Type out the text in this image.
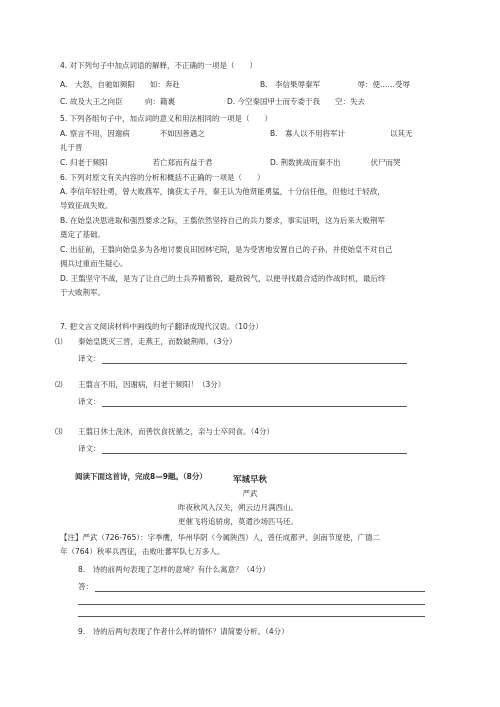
4. 对下列句子中加点词语的解释，不正确的一项是（　　）
A.　大怒，自驰如频阳　　如：奔赴	B.　李信果辱秦军　　　　　辱：使……受辱
C. 故及大王之向臣　　　向：籍裏	D. 今空秦国甲士而专委于我　　空：失去
5. 下列各组句子中，加点词的意义和用法相同的一项是（　　）
A. 察言不用，因谢病　　　　不如因善遇之	B.　寡人以不用将军计　　　　　　以其无
礼于晋
C. 归老于频阳　　　　　　若亡郑而有益于君	D. 荆数挑战而秦不出　　　　伏尸而哭
6. 下列对原文有关内容的分析和概括不正确的一项是（　　）
A. 李信年轻壮勇，曾大败燕军，擒获太子丹，秦王认为他贤能勇猛，十分信任他，但他过于轻敌，
导致征战失败。
B. 在始皇决思进取和强烈要求之际，王翦依然坚持自己的兵力要求，事实证明，这为后来大败荆军
奠定了基础。
C. 出征前，王翦向始皇多为各地讨要良田园林宅院，是为受害地安置自己的子孙，并使始皇不对自己
拥兵过重而生疑心。
D. 王翦坚守不战，是为了让自己的士兵养精蓄锐，避敌锐气，以便寻找最合适的作战时机，最后终
于大败荆军。
7. 把文言文阅读材料中画线的句子翻译成现代汉语。（10分）
⑴ 秦始皇既灭三晋，走燕王，而数破荆师。（3分）
译文：
⑵ 王翦言不用，因谢病，归老于频阳！（3分）
译文：
⑶ 王翦日休士洗沐，而善饮食抚循之，亲与士卒同食。（4分）
译文：
阅读下面这首诗，完成8—9题。（8分）	军城早秋
严武
昨夜秋风入汉关，朔云边月满西山。
更催飞将追骄虏，莫遣沙场匹马还。
【注】严武（726-765）：字季鹰，华州华阴（今属陕西）人，曾任成都尹、剑南节度使，广德二
年（764）秋率兵西征，击败吐蕃军队七万多人。
8.　诗的前两句表现了怎样的意境？有什么寓意？（4分）
答：
9.　诗的后两句表现了作者什么样的情怀？请简要分析。（4分）
